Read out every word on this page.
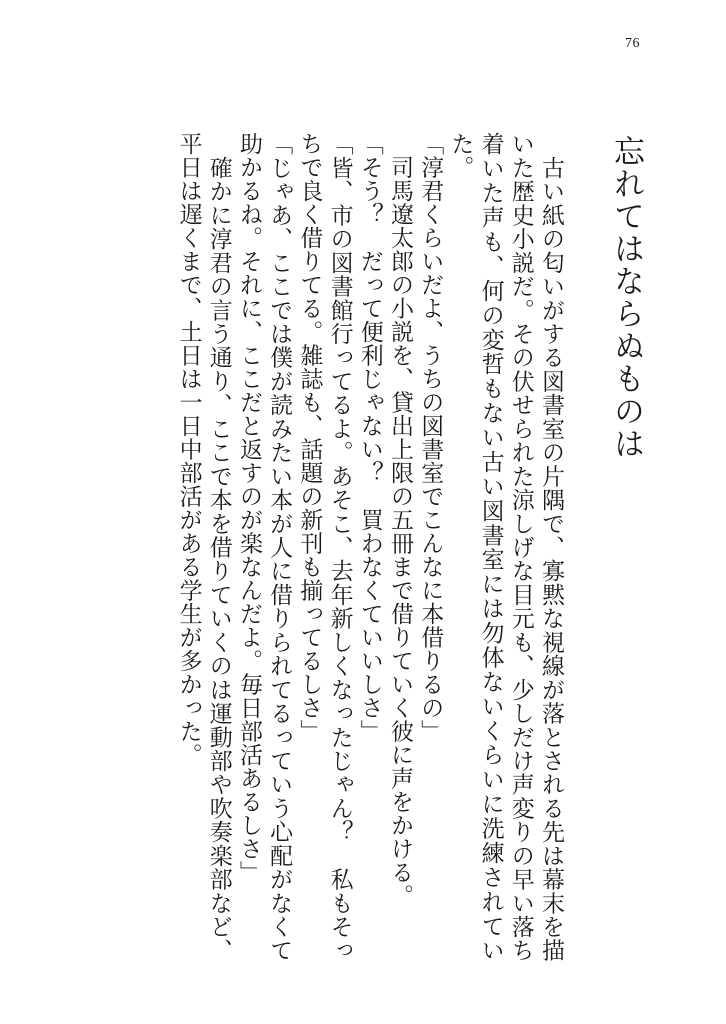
76
忘れてはならぬものは

　古い紙の匂いがする図書室の片隅で、寡黙な視線が落とされる先は幕末を描いた歴史小説だ。その伏せられた涼しげな目元も、少しだけ声変りの早い落ち着いた声も、何の変哲もない古い図書室には勿体ないくらいに洗練されていた。

「淳君くらいだよ、うちの図書室でこんなに本借りるの」

　司馬遼太郎の小説を、貸出上限の五冊まで借りていく彼に声をかける。

「そう？　だって便利じゃない？　買わなくていいしさ」

「皆、市の図書館行ってるよ。あそこ、去年新しくなったじゃん？　私もそっちで良く借りてる。雑誌も、話題の新刊も揃ってるしさ」

「じゃあ、ここでは僕が読みたい本が人に借りられてるっていう心配がなくて助かるね。それに、ここだと返すのが楽なんだよ。毎日部活あるしさ」

　確かに淳君の言う通り、ここで本を借りていくのは運動部や吹奏楽部など、平日は遅くまで、土日は一日中部活がある学生が多かった。
